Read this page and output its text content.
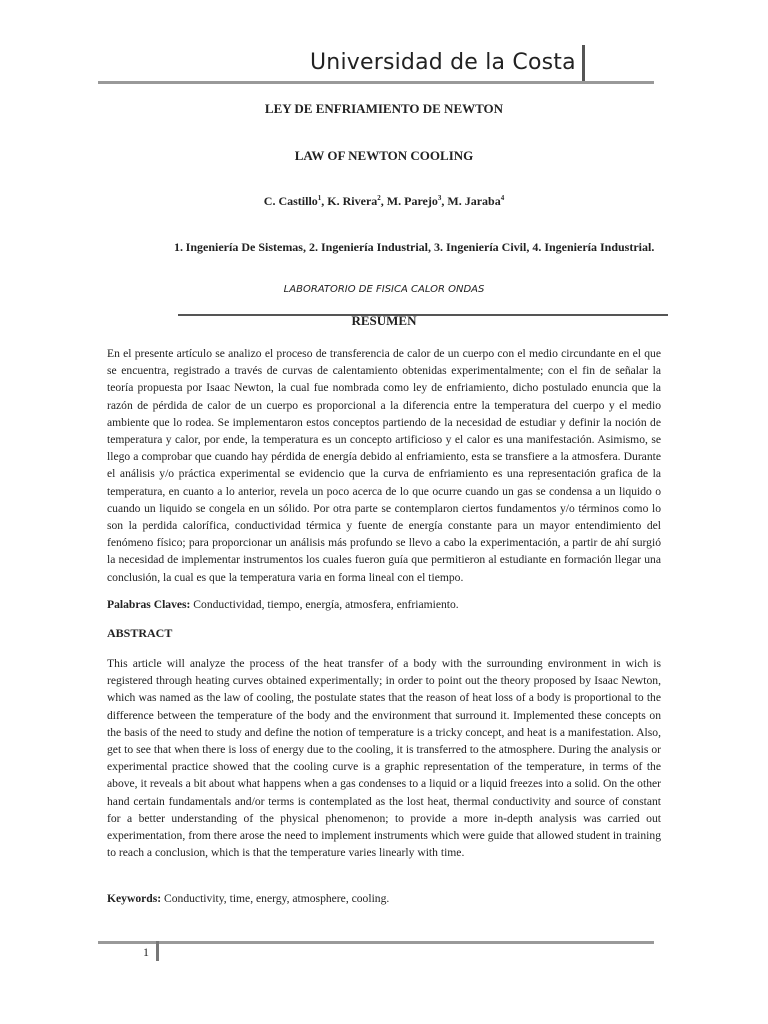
Universidad de la Costa
LEY DE ENFRIAMIENTO DE NEWTON
LAW OF NEWTON COOLING
C. Castillo$^1$, K. Rivera$^2$, M. Parejo$^3$, M. Jaraba$^4$
1. Ingeniería De Sistemas, 2. Ingeniería Industrial, 3. Ingeniería Civil, 4. Ingeniería Industrial.
LABORATORIO DE FISICA CALOR ONDAS
RESUMEN
En el presente artículo se analizo el proceso de transferencia de calor de un cuerpo con el medio circundante en el que se encuentra, registrado a través de curvas de calentamiento obtenidas experimentalmente; con el fin de señalar la teoría propuesta por Isaac Newton, la cual fue nombrada como ley de enfriamiento, dicho postulado enuncia que la razón de pérdida de calor de un cuerpo es proporcional a la diferencia entre la temperatura del cuerpo y el medio ambiente que lo rodea. Se implementaron estos conceptos partiendo de la necesidad de estudiar y definir la noción de temperatura y calor, por ende, la temperatura es un concepto artificioso y el calor es una manifestación. Asimismo, se llego a comprobar que cuando hay pérdida de energía debido al enfriamiento, esta se transfiere a la atmosfera. Durante el análisis y/o práctica experimental se evidencio que la curva de enfriamiento es una representación grafica de la temperatura, en cuanto a lo anterior, revela un poco acerca de lo que ocurre cuando un gas se condensa a un liquido o cuando un liquido se congela en un sólido. Por otra parte se contemplaron ciertos fundamentos y/o términos como lo son la perdida calorífica, conductividad térmica y fuente de energía constante para un mayor entendimiento del fenómeno físico; para proporcionar un análisis más profundo se llevo a cabo la experimentación, a partir de ahí surgió la necesidad de implementar instrumentos los cuales fueron guía que permitieron al estudiante en formación llegar una conclusión, la cual es que la temperatura varia en forma lineal con el tiempo.
Palabras Claves: Conductividad, tiempo, energía, atmosfera, enfriamiento.
ABSTRACT
This article will analyze the process of the heat transfer of a body with the surrounding environment in wich is registered through heating curves obtained experimentally; in order to point out the theory proposed by Isaac Newton, which was named as the law of cooling, the postulate states that the reason of heat loss of a body is proportional to the difference between the temperature of the body and the environment that surround it. Implemented these concepts on the basis of the need to study and define the notion of temperature is a tricky concept, and heat is a manifestation. Also, get to see that when there is loss of energy due to the cooling, it is transferred to the atmosphere. During the analysis or experimental practice showed that the cooling curve is a graphic representation of the temperature, in terms of the above, it reveals a bit about what happens when a gas condenses to a liquid or a liquid freezes into a solid. On the other hand certain fundamentals and/or terms is contemplated as the lost heat, thermal conductivity and source of constant for a better understanding of the physical phenomenon; to provide a more in-depth analysis was carried out experimentation, from there arose the need to implement instruments which were guide that allowed student in training to reach a conclusion, which is that the temperature varies linearly with time.
Keywords: Conductivity, time, energy, atmosphere, cooling.
1
